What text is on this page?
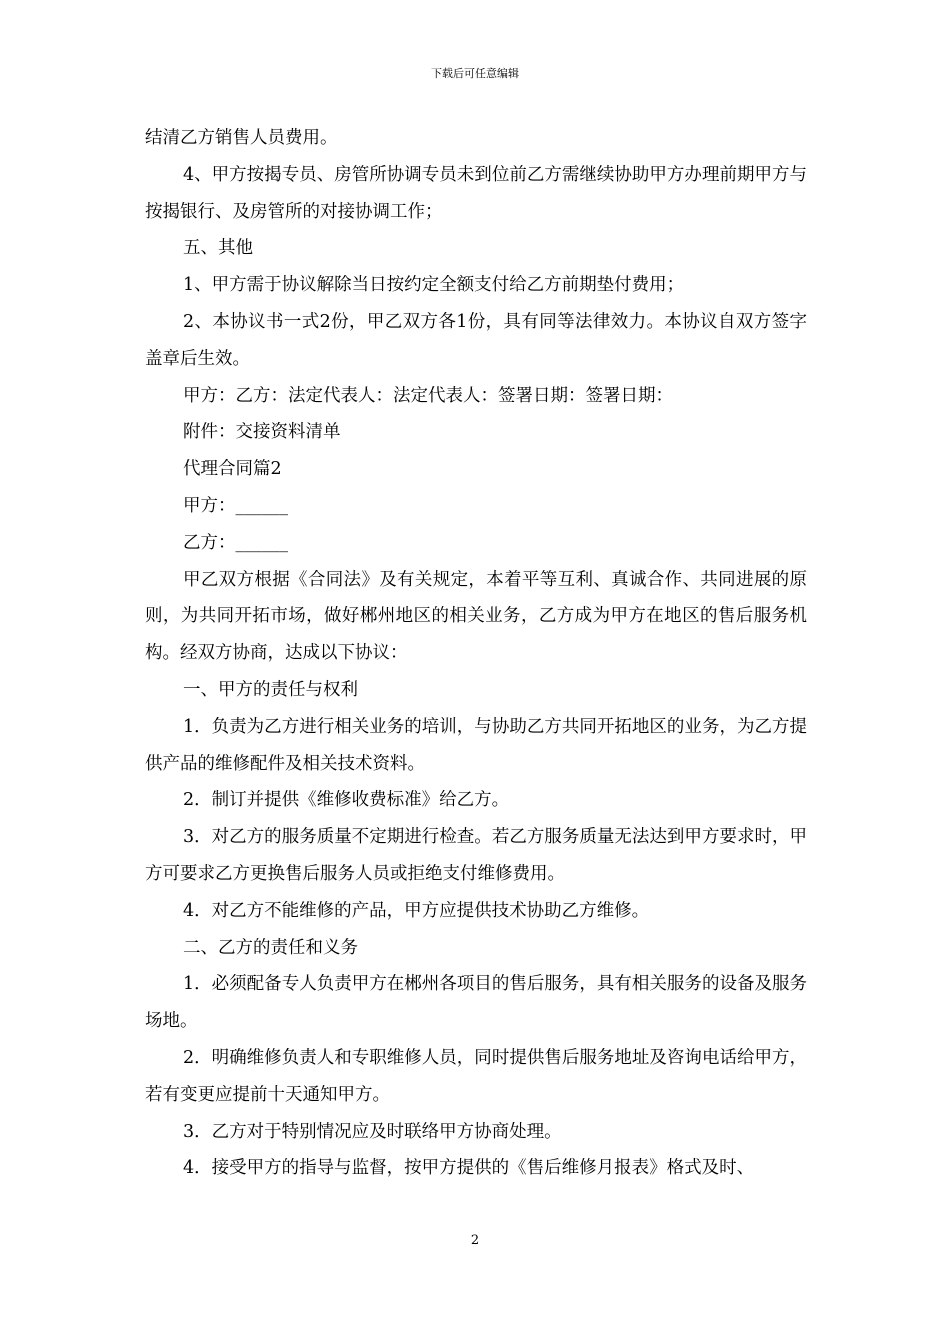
下载后可任意编辑

结清乙方销售人员费用。

4、甲方按揭专员、房管所协调专员未到位前乙方需继续协助甲方办理前期甲方与按揭银行、及房管所的对接协调工作；

五、其他

1、甲方需于协议解除当日按约定全额支付给乙方前期垫付费用；

2、本协议书一式2份，甲乙双方各1份，具有同等法律效力。本协议自双方签字盖章后生效。

甲方：乙方：法定代表人：法定代表人：签署日期：签署日期：

附件：交接资料清单

代理合同篇2

甲方：______

乙方：______

甲乙双方根据《合同法》及有关规定，本着平等互利、真诚合作、共同进展的原则，为共同开拓市场，做好郴州地区的相关业务，乙方成为甲方在地区的售后服务机构。经双方协商，达成以下协议：

一、甲方的责任与权利

1．负责为乙方进行相关业务的培训，与协助乙方共同开拓地区的业务，为乙方提供产品的维修配件及相关技术资料。

2．制订并提供《维修收费标准》给乙方。

3．对乙方的服务质量不定期进行检查。若乙方服务质量无法达到甲方要求时，甲方可要求乙方更换售后服务人员或拒绝支付维修费用。

4．对乙方不能维修的产品，甲方应提供技术协助乙方维修。

二、乙方的责任和义务

1．必须配备专人负责甲方在郴州各项目的售后服务，具有相关服务的设备及服务场地。

2．明确维修负责人和专职维修人员，同时提供售后服务地址及咨询电话给甲方，若有变更应提前十天通知甲方。

3．乙方对于特别情况应及时联络甲方协商处理。

4．接受甲方的指导与监督，按甲方提供的《售后维修月报表》格式及时、

2
